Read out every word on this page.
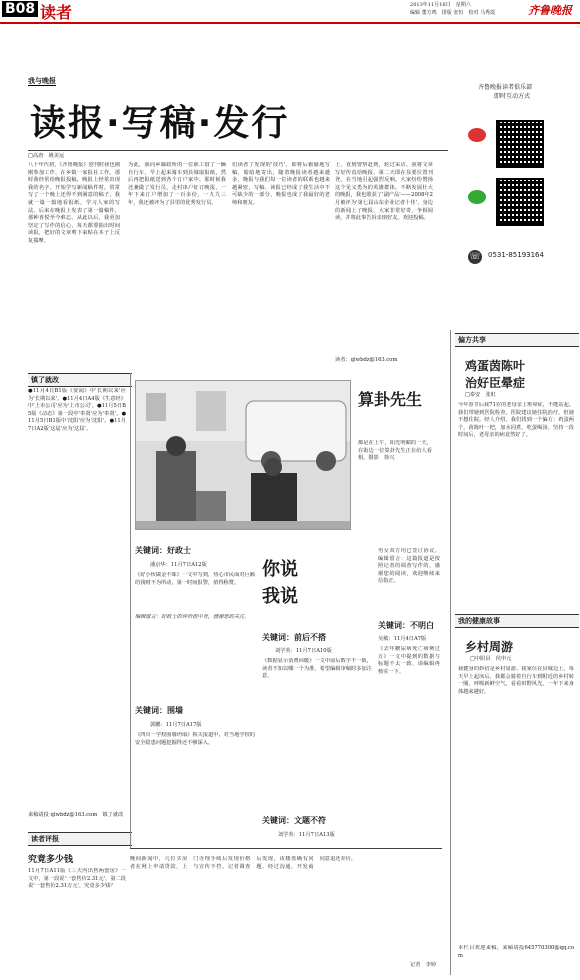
B08 读者	2013年11月16日　星期六
编辑 董方鸣　排版 张恒　校对 马秀霞	齐鲁晚报
我与晚报
读报·写稿·发行
齐鲁晚报读者俱乐部
即时互动方式
☏ 0531-85193164
□高唐　姚美运
八十年代初，《齐鲁晚报》创刊时我也刚刚参加工作，在乡镇一家报社工作。那时我经常给晚报投稿，晚报上经常出现我的名字。开始学写新闻稿件时，常常写了一个晚上还得不到满意的稿子，我就一篇一篇地看报纸，学习人家的写法。后来在晚报上发表了第一篇稿件，那种喜悦至今难忘。从此以后，我更加坚定了写作的信心，每天都要抽出时间读报，把好的文章剪下来贴在本子上反复揣摩。
为此，我向乡邮政所的一位职工借了一辆自行车，早上起来骑车到县城取报纸，然后再把报纸送到各个订户家中。那时候我还兼做了发行员，走村串户征订晚报，一年下来订户增加了一百多份，一九九三年，我还被评为了县里的优秀发行员。
们读者了发现的'技巧'，即将后偷偷地写稿，暗暗地寄出，随着晚报读者越来越多，晚报与我们每一位读者的联系也越来越紧密，写稿、读报已经成了我生活中不可缺少的一部分，晚报也成了我最好的老师和朋友。
上，直到警察赶到，轮过采访。我将文章写好传真给晚报，第二天即在显要位置刊登。在当地引起强烈反响。大家纷纷赞扬这个见义勇为的英雄群体。不断发展壮大的晚报，我也收获了'副产品'——2008年2月被评为'第七届山东企业记者十佳'。身边的新闻上了晚报，大家非常好奇，争相阅读，并将此事告诉亲朋好友。欢迎投稿。
读者：qlwbdz@163.com
镇了就改
●11月4日B1版《要闻》中'长期以来'应为'长期以来'。●11月4日A4版《生意经》中'上市公司'应为'上市公司'。●11月5日B5版《动态》第一段中'奉贤'应为'奉贤'。●11月5日B1版中'沈阳'应为'沈阳'。●11月7日A2版'这届'应为'这届'。
来稿请投 qlwbdz@163.com　镇了就改
读者评报
究竟多少钱
11月7日A11版《三天内出售两套房》一文中，第一段说'一套售价2.31元'，第二段说'一套售价2.31万元'，究竟多少钱？
算卦先生
都是在上午，阳光明媚的一天，在街边一位算卦先生正在给人看相。摄影　徐兴
你说
我说
关键词：好政士
潘京华：11月7日A12版
《好小伙做金不昧》一文中写到，热心市民面对巨额的钱财不为所动，第一时间报警，值得称赞。
编辑留言：好政士的评价很中肯，感谢您的关注。
关键词：围墙
郭鹏：11月7日A17版
《四川一学校围墙坍塌》相关报道中，对当地学校的安全隐患问题挖掘得还不够深入。
关键词：前后不搭
刘学英：11月7日A10版
《数据显示消费回暖》一文中前后数字不一致，读者不知以哪一个为准，希望编辑审稿时多加注意。
关键词：文题不符
刘学英：11月7日A13版
男女双方均已签订协议。编辑留言：这篇报道是按照记者的调查写作的，感谢您的阅读，欢迎继续来信指正。
关键词：不明白
吴敏：11月4日A7版
《去年糖尿病死亡病例过万》一文中提到的数据与标题不太一致，请编辑再核实一下。
晚间新闻中，几位买房者在网上申请贷款，上门办理手续后发现价格与宣传不符。记者调查后发现，该楼盘确有问题，经过沟通，开发商同意退还差价。
记者　李婷
偏方共享
鸡蛋茵陈叶
治好臣晕症
□泰安　张虹
今年春节后我71岁的老母亲上班晕症，不能站起。我们带她到医院检查，医院建议她住院治疗，但她不想住院。经人介绍，我们找到一个偏方：鸡蛋两个，茵陈叶一把，加水同煮，吃蛋喝汤。坚持一段时间后，老母亲的病竟然好了。
我的健康故事
乡村周游
□中阳县　侯申元
我健身的妙招是乡村周游。我家住在县城边上，每天早上起床后，我都会骑着自行车到附近的乡村转一圈，呼吸新鲜空气，看看田野风光，一年下来身体越来越好。
本栏目欢迎来稿，来稿请投645770300@qq.com
